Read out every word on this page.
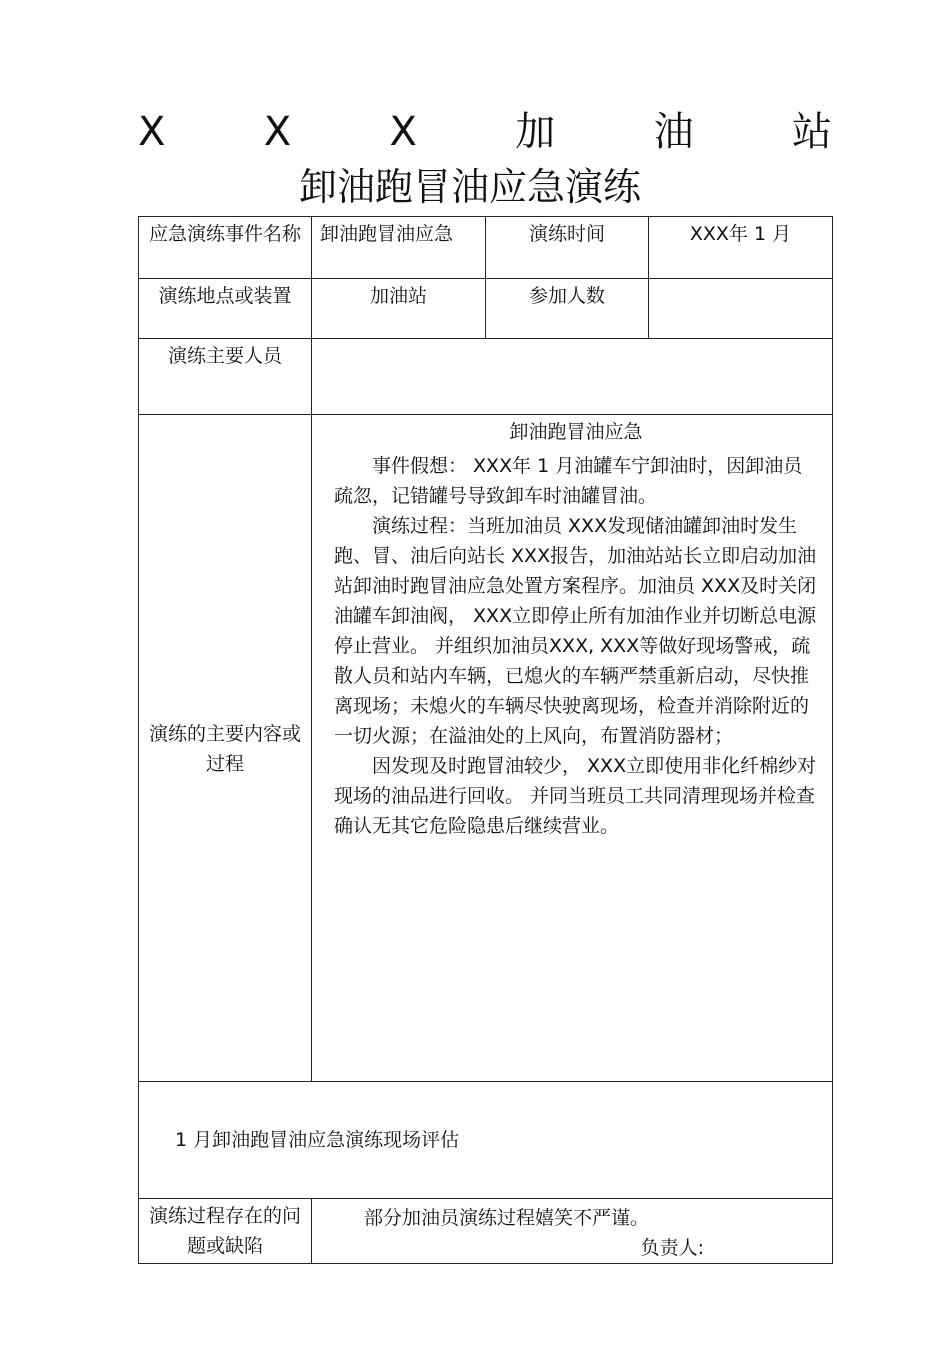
X X X 加 油 站
卸油跑冒油应急演练
应急演练事件名称	卸油跑冒油应急	演练时间	XXX年 1 月
演练地点或装置	加油站	参加人数	
演练主要人员			
演练的主要内容或过程	卸油跑冒油应急

事件假想： XXX年 1 月油罐车宁卸油时，因卸油员疏忽，记错罐号导致卸车时油罐冒油。

演练过程：当班加油员 XXX发现储油罐卸油时发生跑、冒、油后向站长 XXX报告，加油站站长立即启动加油站卸油时跑冒油应急处置方案程序。加油员 XXX及时关闭油罐车卸油阀， XXX立即停止所有加油作业并切断总电源停止营业。 并组织加油员XXX, XXX等做好现场警戒，疏散人员和站内车辆，已熄火的车辆严禁重新启动，尽快推离现场；未熄火的车辆尽快驶离现场，检查并消除附近的一切火源；在溢油处的上风向，布置消防器材；

因发现及时跑冒油较少， XXX立即使用非化纤棉纱对现场的油品进行回收。 并同当班员工共同清理现场并检查确认无其它危险隐患后继续营业。		

1 月卸油跑冒油应急演练现场评估			
演练过程存在的问题或缺陷	部分加油员演练过程嬉笑不严谨。
负责人:		
